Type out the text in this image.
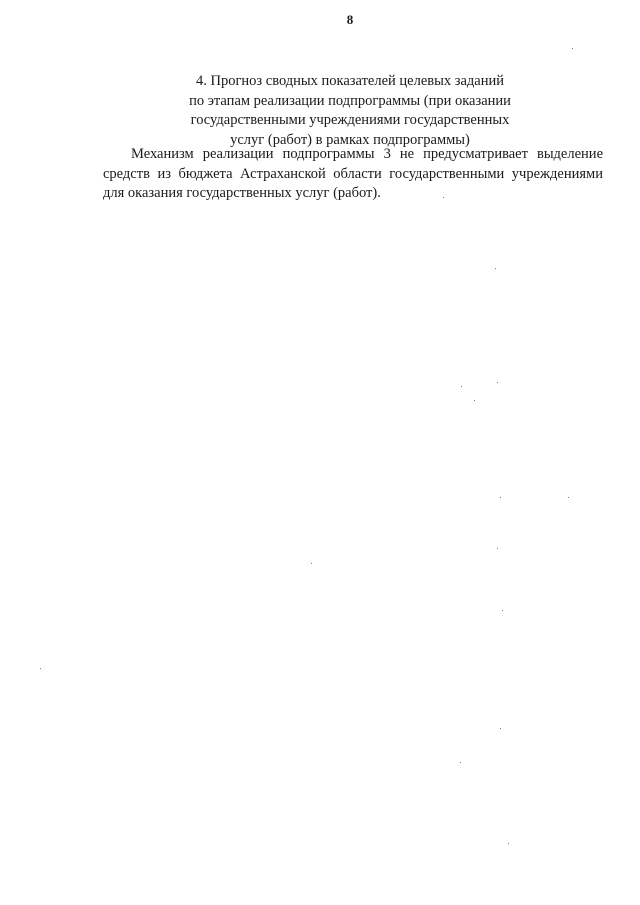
8
4. Прогноз сводных показателей целевых заданий
по этапам реализации подпрограммы (при оказании
государственными учреждениями государственных
услуг (работ) в рамках подпрограммы)
Механизм реализации подпрограммы 3 не предусматривает выделение
средств из бюджета Астраханской области государственными учреждениями
для оказания государственных услуг (работ).
